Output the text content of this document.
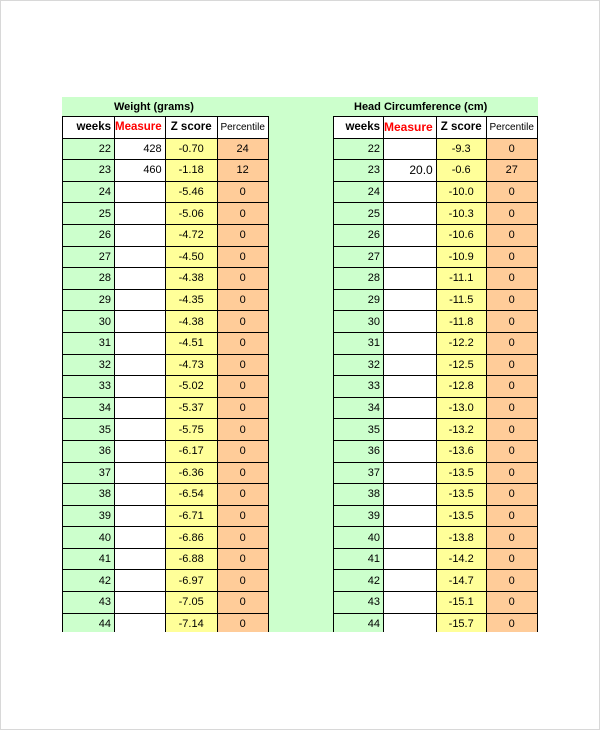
Weight (grams)	Head Circumference (cm)
weeks	Measure	Z score	Percentile
22	428	-0.70	24
23	460	-1.18	12
24		-5.46	0
25		-5.06	0
26		-4.72	0
27		-4.50	0
28		-4.38	0
29		-4.35	0
30		-4.38	0
31		-4.51	0
32		-4.73	0
33		-5.02	0
34		-5.37	0
35		-5.75	0
36		-6.17	0
37		-6.36	0
38		-6.54	0
39		-6.71	0
40		-6.86	0
41		-6.88	0
42		-6.97	0
43		-7.05	0
44		-7.14	0

weeks	Measure	Z score	Percentile
22		-9.3	0
23	20.0	-0.6	27
24		-10.0	0
25		-10.3	0
26		-10.6	0
27		-10.9	0
28		-11.1	0
29		-11.5	0
30		-11.8	0
31		-12.2	0
32		-12.5	0
33		-12.8	0
34		-13.0	0
35		-13.2	0
36		-13.6	0
37		-13.5	0
38		-13.5	0
39		-13.5	0
40		-13.8	0
41		-14.2	0
42		-14.7	0
43		-15.1	0
44		-15.7	0
